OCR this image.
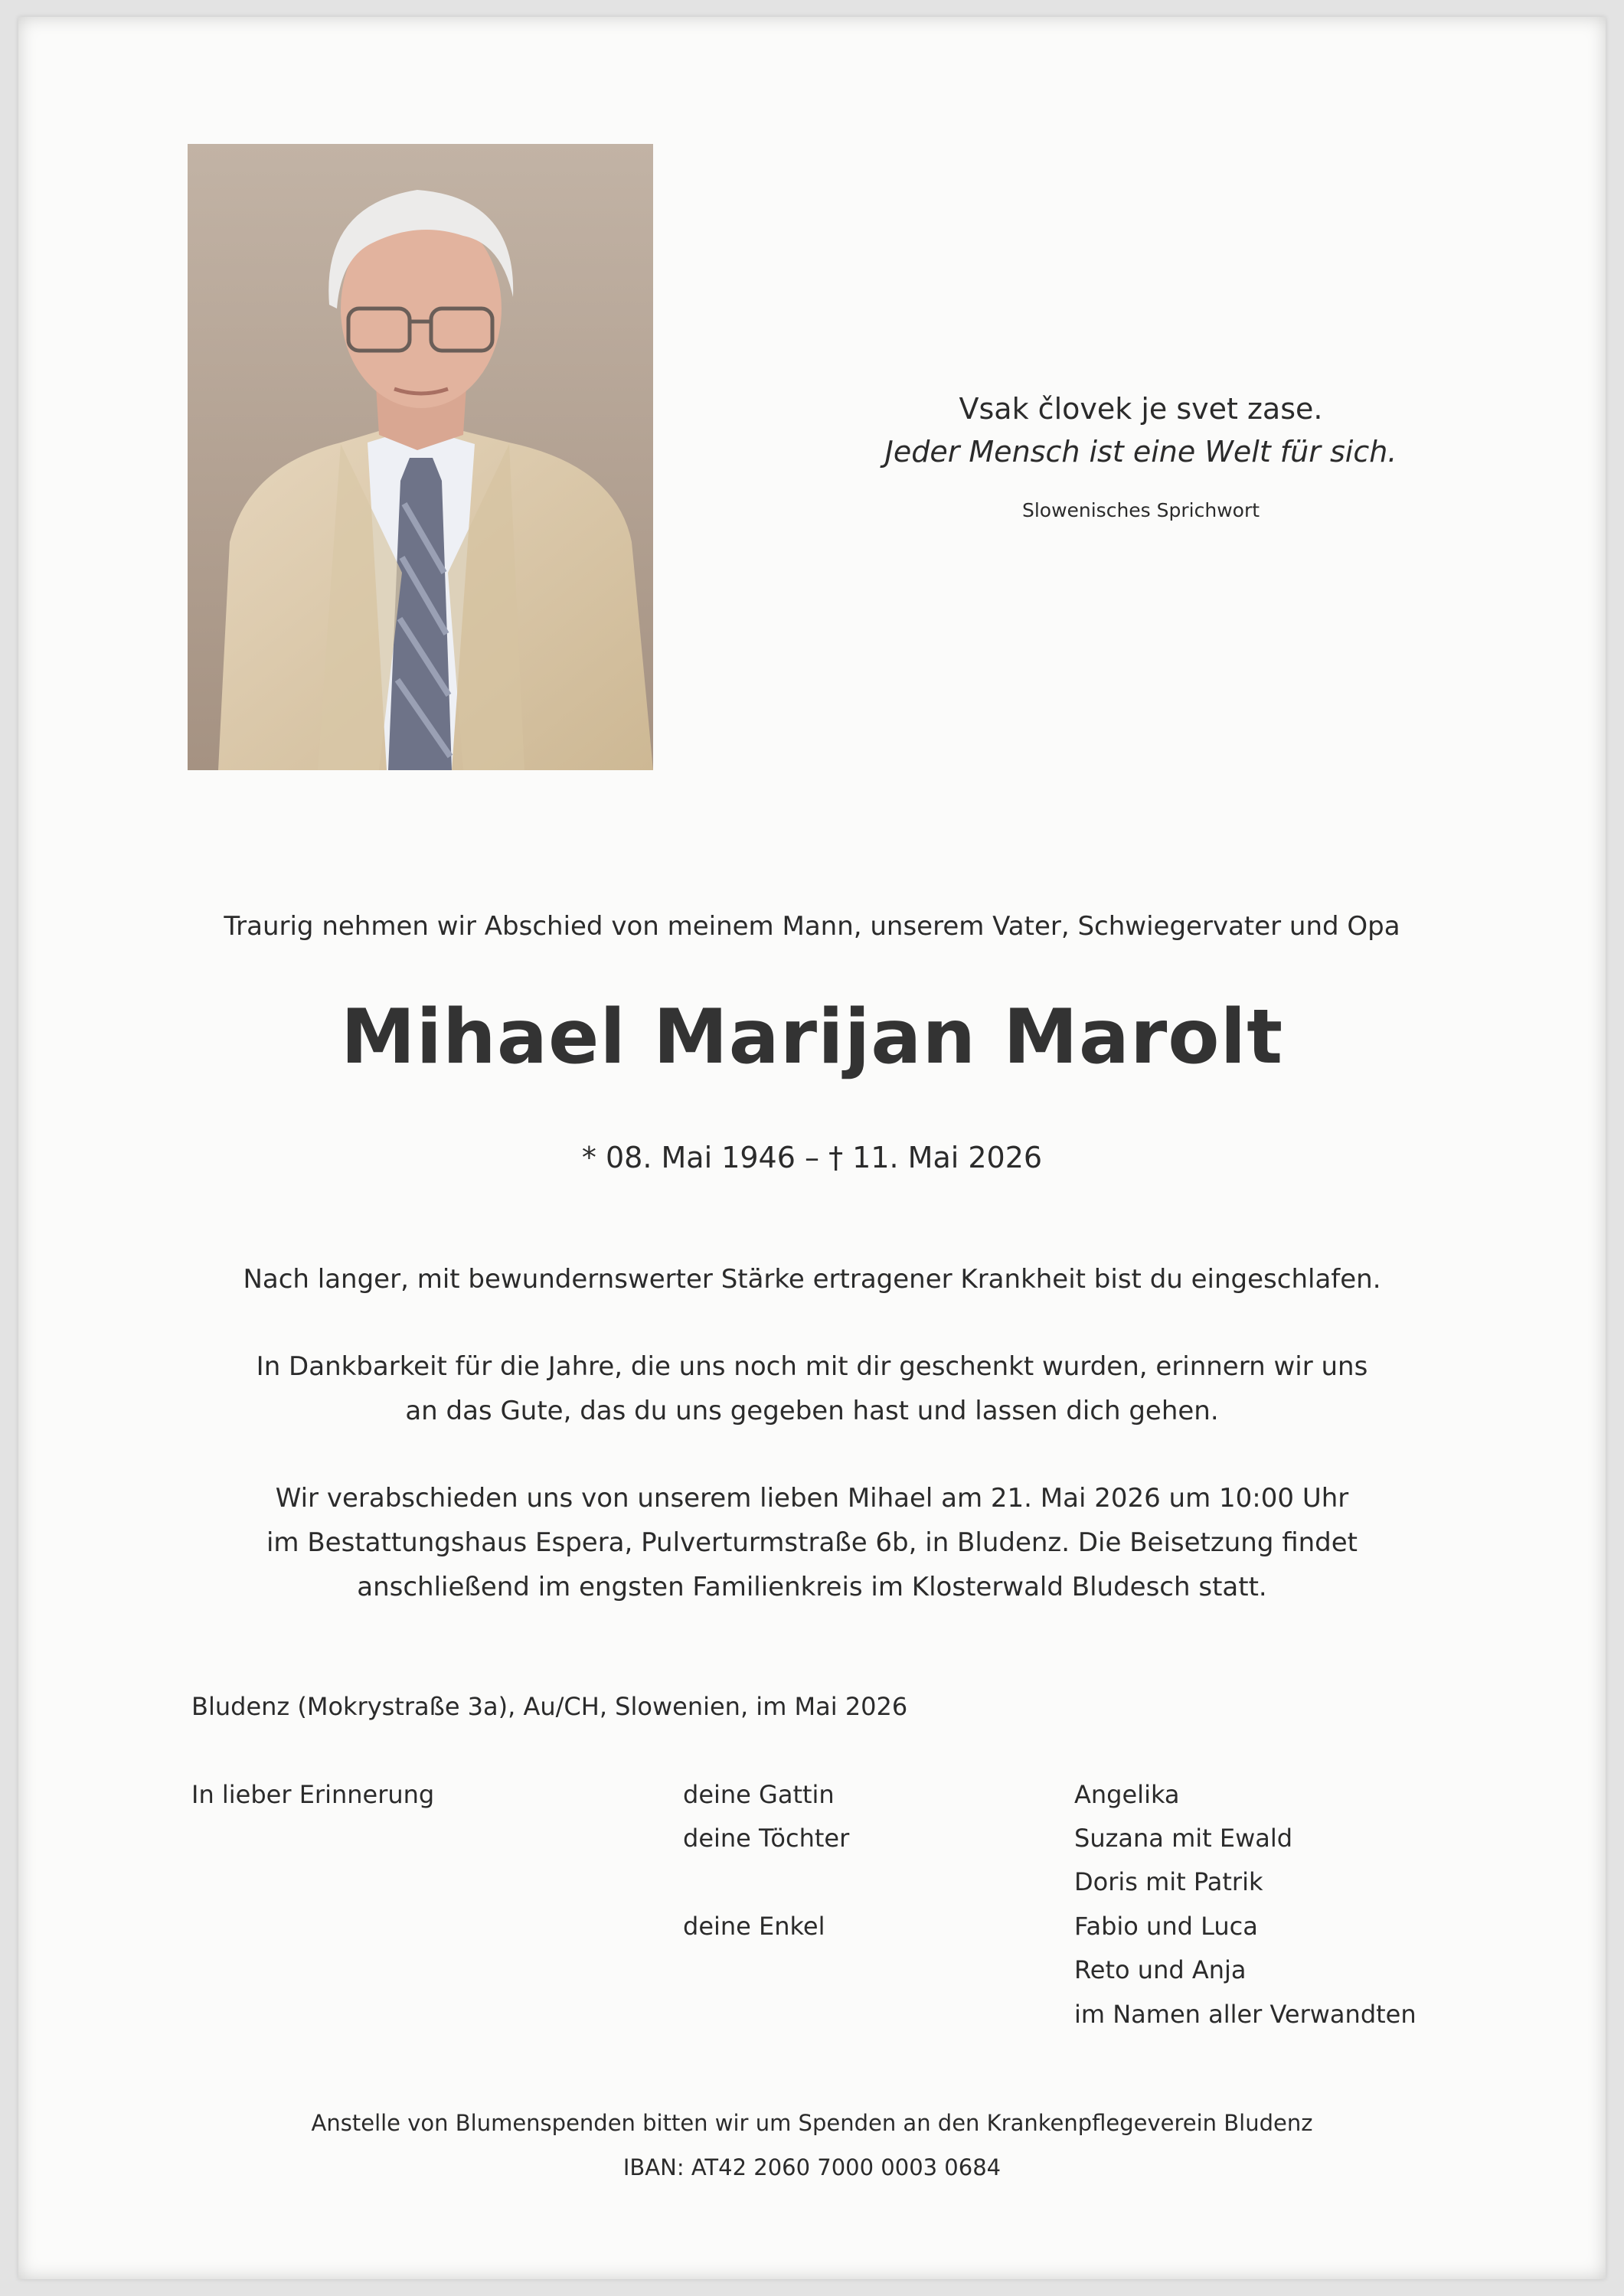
Vsak človek je svet zase.
Jeder Mensch ist eine Welt für sich.
Slowenisches Sprichwort
Traurig nehmen wir Abschied von meinem Mann, unserem Vater, Schwiegervater und Opa
Mihael Marijan Marolt
* 08. Mai 1946 – † 11. Mai 2026
Nach langer, mit bewundernswerter Stärke ertragener Krankheit bist du eingeschlafen.
In Dankbarkeit für die Jahre, die uns noch mit dir geschenkt wurden, erinnern wir uns
an das Gute, das du uns gegeben hast und lassen dich gehen.
Wir verabschieden uns von unserem lieben Mihael am 21. Mai 2026 um 10:00 Uhr
im Bestattungshaus Espera, Pulverturmstraße 6b, in Bludenz. Die Beisetzung findet
anschließend im engsten Familienkreis im Klosterwald Bludesch statt.
Bludenz (Mokrystraße 3a), Au/CH, Slowenien, im Mai 2026
In lieber Erinnerung	deine Gattin
deine Töchter
deine Enkel
Angelika
Suzana mit Ewald
Doris mit Patrik
Fabio und Luca
Reto und Anja
im Namen aller Verwandten
Anstelle von Blumenspenden bitten wir um Spenden an den Krankenpflegeverein Bludenz
IBAN: AT42 2060 7000 0003 0684
